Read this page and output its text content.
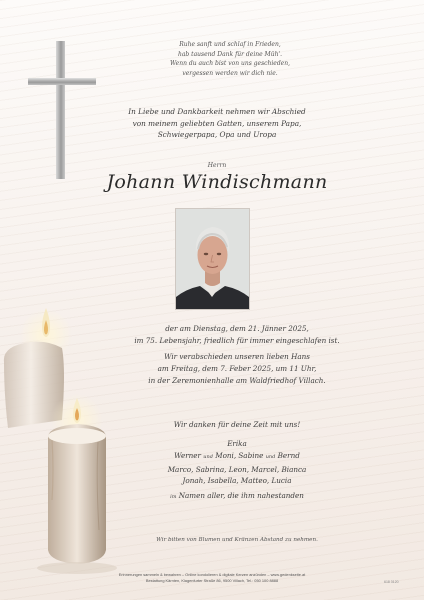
Ruhe sanft und schlaf in Frieden,
hab tausend Dank für deine Müh'.
Wenn du auch bist von uns geschieden,
vergessen werden wir dich nie.
In Liebe und Dankbarkeit nehmen wir Abschied
von meinem geliebten Gatten, unserem Papa,
Schwiegerpapa, Opa und Uropa
Herrn
Johann Windischmann
der am Dienstag, dem 21. Jänner 2025,
im 75. Lebensjahr, friedlich für immer eingeschlafen ist.
Wir verabschieden unseren lieben Hans
am Freitag, dem 7. Feber 2025, um 11 Uhr,
in der Zeremonienhalle am Waldfriedhof Villach.
Wir danken für deine Zeit mit uns!
Erika
Werner und Moni, Sabine und Bernd
Marco, Sabrina, Leon, Marcel, Bianca
Jonah, Isabella, Matteo, Lucia
im Namen aller, die ihm nahestanden
Wir bitten von Blumen und Kränzen Abstand zu nehmen.
Erinnerungen sammeln & bewahren – Online kondolieren & digitale Kerzen anzünden – www.gedenkseite.at
Bestattung Kärnten, Klagenfurter Straße 86, 9500 Villach, Tel.: 050 100 8888	618 3120
